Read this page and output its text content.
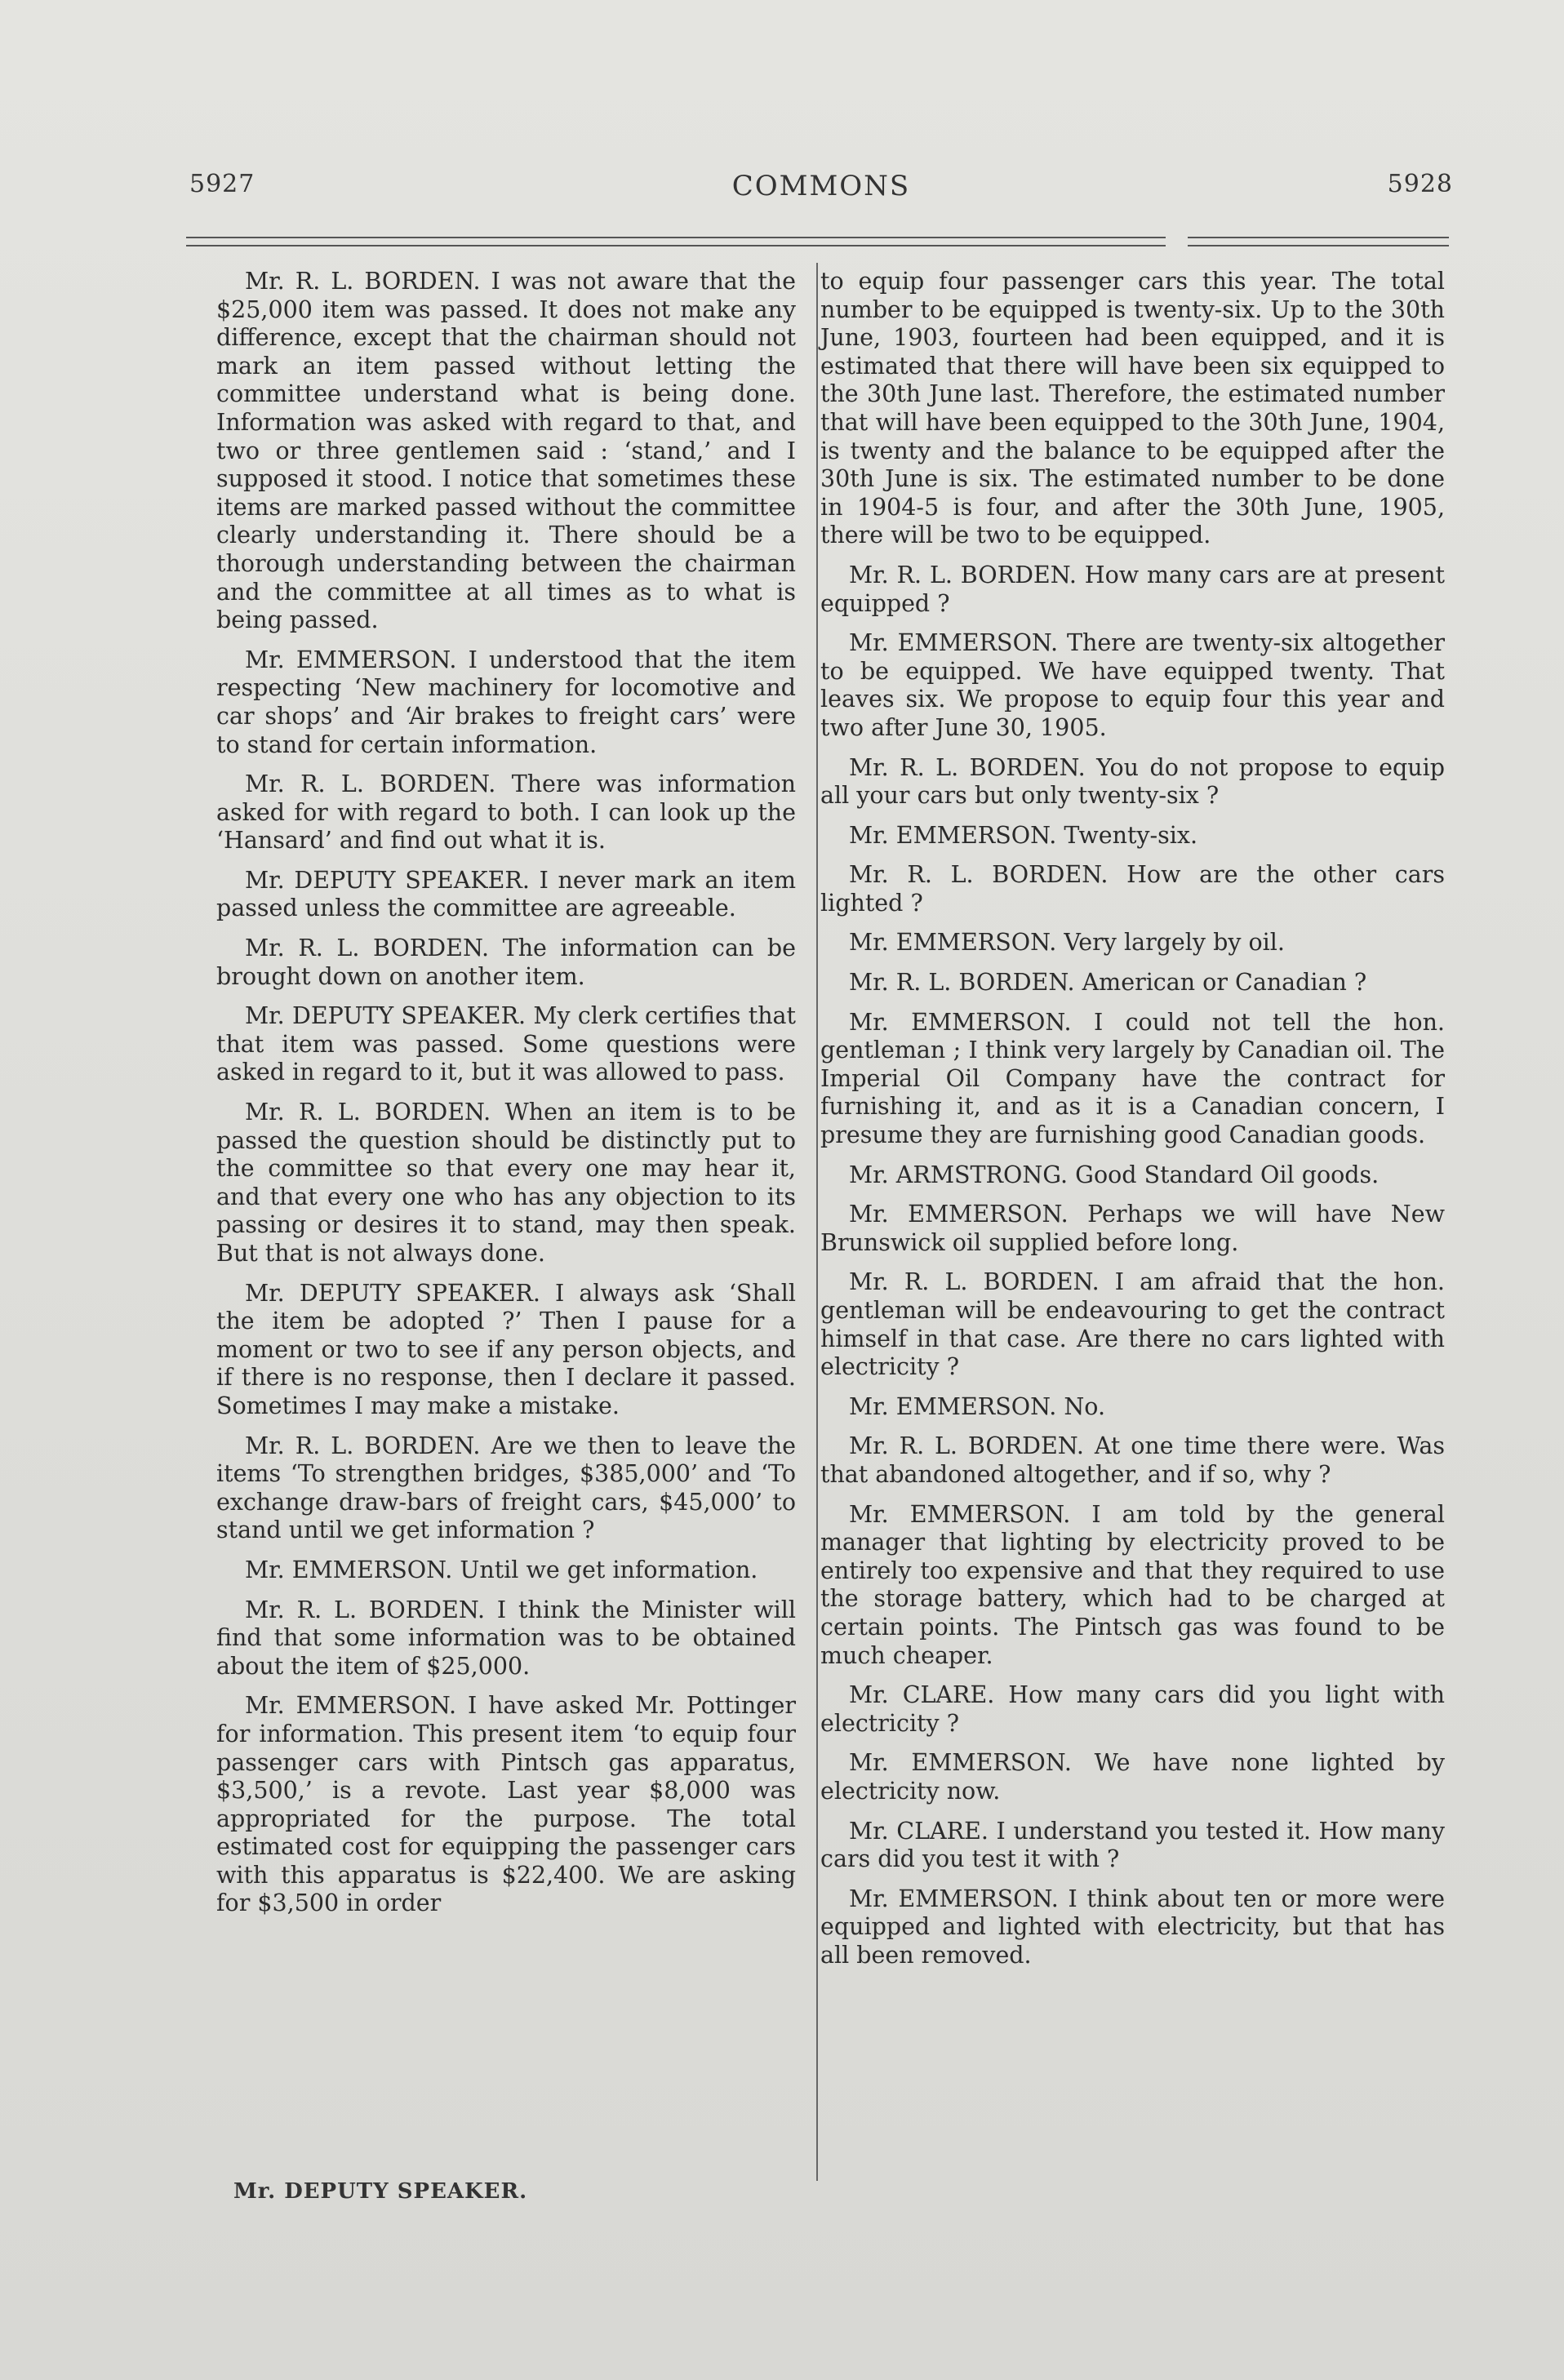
5927	COMMONS	5928

Mr. R. L. BORDEN. I was not aware that the $25,000 item was passed. It does not make any difference, except that the chairman should not mark an item passed without letting the committee understand what is being done. Information was asked with regard to that, and two or three gentlemen said : ‘stand,’ and I supposed it stood. I notice that sometimes these items are marked passed without the committee clearly understanding it. There should be a thorough understanding between the chairman and the committee at all times as to what is being passed.

Mr. EMMERSON. I understood that the item respecting ‘New machinery for locomotive and car shops’ and ‘Air brakes to freight cars’ were to stand for certain information.

Mr. R. L. BORDEN. There was information asked for with regard to both. I can look up the ‘Hansard’ and find out what it is.

Mr. DEPUTY SPEAKER. I never mark an item passed unless the committee are agreeable.

Mr. R. L. BORDEN. The information can be brought down on another item.

Mr. DEPUTY SPEAKER. My clerk certifies that that item was passed. Some questions were asked in regard to it, but it was allowed to pass.

Mr. R. L. BORDEN. When an item is to be passed the question should be distinctly put to the committee so that every one may hear it, and that every one who has any objection to its passing or desires it to stand, may then speak. But that is not always done.

Mr. DEPUTY SPEAKER. I always ask ‘Shall the item be adopted ?’ Then I pause for a moment or two to see if any person objects, and if there is no response, then I declare it passed. Sometimes I may make a mistake.

Mr. R. L. BORDEN. Are we then to leave the items ‘To strengthen bridges, $385,000’ and ‘To exchange draw-bars of freight cars, $45,000’ to stand until we get information ?

Mr. EMMERSON. Until we get information.

Mr. R. L. BORDEN. I think the Minister will find that some information was to be obtained about the item of $25,000.

Mr. EMMERSON. I have asked Mr. Pottinger for information. This present item ‘to equip four passenger cars with Pintsch gas apparatus, $3,500,’ is a revote. Last year $8,000 was appropriated for the purpose. The total estimated cost for equipping the passenger cars with this apparatus is $22,400. We are asking for $3,500 in order

to equip four passenger cars this year. The total number to be equipped is twenty-six. Up to the 30th June, 1903, fourteen had been equipped, and it is estimated that there will have been six equipped to the 30th June last. Therefore, the estimated number that will have been equipped to the 30th June, 1904, is twenty and the balance to be equipped after the 30th June is six. The estimated number to be done in 1904-5 is four, and after the 30th June, 1905, there will be two to be equipped.

Mr. R. L. BORDEN. How many cars are at present equipped ?

Mr. EMMERSON. There are twenty-six altogether to be equipped. We have equipped twenty. That leaves six. We propose to equip four this year and two after June 30, 1905.

Mr. R. L. BORDEN. You do not propose to equip all your cars but only twenty-six ?

Mr. EMMERSON. Twenty-six.

Mr. R. L. BORDEN. How are the other cars lighted ?

Mr. EMMERSON. Very largely by oil.

Mr. R. L. BORDEN. American or Canadian ?

Mr. EMMERSON. I could not tell the hon. gentleman ; I think very largely by Canadian oil. The Imperial Oil Company have the contract for furnishing it, and as it is a Canadian concern, I presume they are furnishing good Canadian goods.

Mr. ARMSTRONG. Good Standard Oil goods.

Mr. EMMERSON. Perhaps we will have New Brunswick oil supplied before long.

Mr. R. L. BORDEN. I am afraid that the hon. gentleman will be endeavouring to get the contract himself in that case. Are there no cars lighted with electricity ?

Mr. EMMERSON. No.

Mr. R. L. BORDEN. At one time there were. Was that abandoned altogether, and if so, why ?

Mr. EMMERSON. I am told by the general manager that lighting by electricity proved to be entirely too expensive and that they required to use the storage battery, which had to be charged at certain points. The Pintsch gas was found to be much cheaper.

Mr. CLARE. How many cars did you light with electricity ?

Mr. EMMERSON. We have none lighted by electricity now.

Mr. CLARE. I understand you tested it. How many cars did you test it with ?

Mr. EMMERSON. I think about ten or more were equipped and lighted with electricity, but that has all been removed.

Mr. DEPUTY SPEAKER.
